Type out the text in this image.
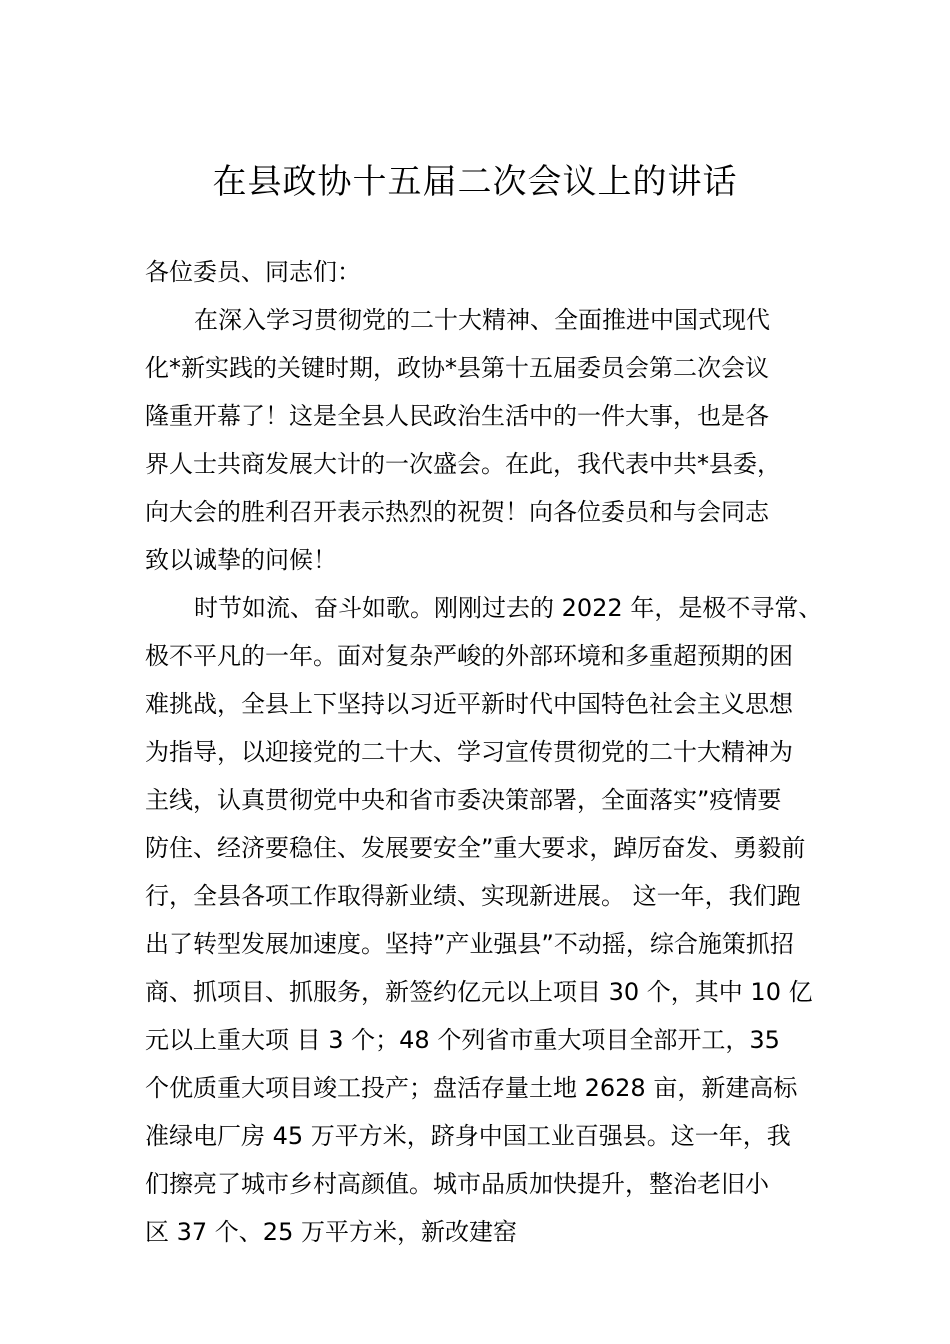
在县政协十五届二次会议上的讲话
各位委员、同志们：
在深入学习贯彻党的二十大精神、全面推进中国式现代
化*新实践的关键时期，政协*县第十五届委员会第二次会议
隆重开幕了！这是全县人民政治生活中的一件大事，也是各
界人士共商发展大计的一次盛会。在此，我代表中共*县委，
向大会的胜利召开表示热烈的祝贺！向各位委员和与会同志
致以诚挚的问候！
时节如流、奋斗如歌。刚刚过去的 2022 年，是极不寻常、
极不平凡的一年。面对复杂严峻的外部环境和多重超预期的困
难挑战，全县上下坚持以习近平新时代中国特色社会主义思想
为指导，以迎接党的二十大、学习宣传贯彻党的二十大精神为
主线，认真贯彻党中央和省市委决策部署，全面落实”疫情要
防住、经济要稳住、发展要安全”重大要求，踔厉奋发、勇毅前
行，全县各项工作取得新业绩、实现新进展。 这一年，我们跑
出了转型发展加速度。坚持”产业强县”不动摇，综合施策抓招
商、抓项目、抓服务，新签约亿元以上项目 30 个，其中 10 亿
元以上重大项 目 3 个；48 个列省市重大项目全部开工，35
个优质重大项目竣工投产；盘活存量土地 2628 亩，新建高标
准绿电厂房 45 万平方米，跻身中国工业百强县。这一年，我
们擦亮了城市乡村高颜值。城市品质加快提升，整治老旧小
区 37 个、25 万平方米，新改建窑
